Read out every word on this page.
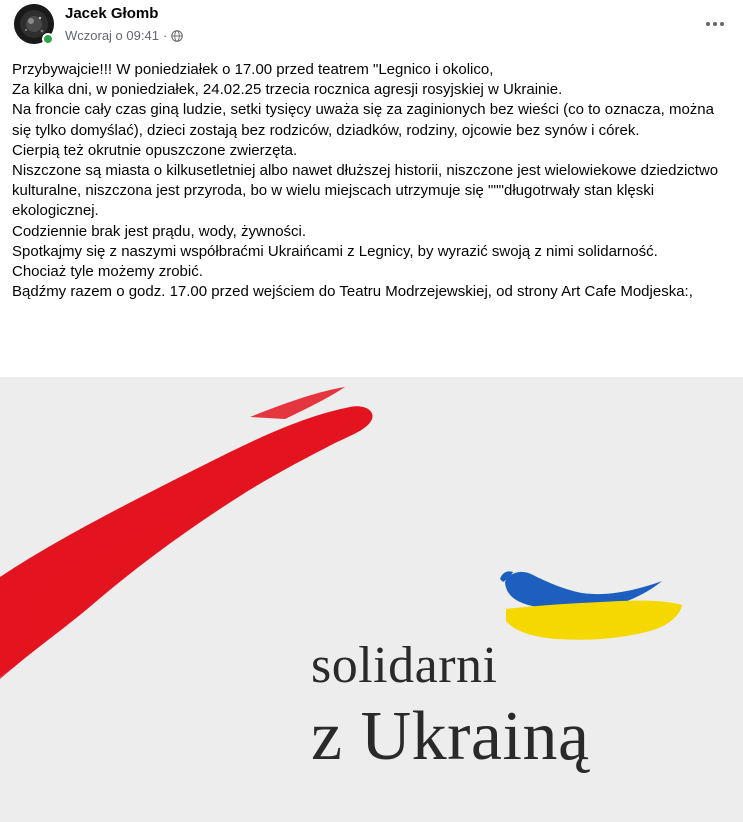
Jacek Głomb
Wczoraj o 09:41 ·

Przybywajcie!!! W poniedziałek o 17.00 przed teatrem "Legnico i okolico,

Za kilka dni, w poniedziałek, 24.02.25 trzecia rocznica agresji rosyjskiej w Ukrainie.

Na froncie cały czas giną ludzie, setki tysięcy uważa się za zaginionych bez wieści (co to oznacza, można się tylko domyślać), dzieci zostają bez rodziców, dziadków, rodziny, ojcowie bez synów i córek.

Cierpią też okrutnie opuszczone zwierzęta.

Niszczone są miasta o kilkusetletniej albo nawet dłuższej historii, niszczone jest wielowiekowe dziedzictwo kulturalne, niszczona jest przyroda, bo w wielu miejscach utrzymuje się """długotrwały stan klęski ekologicznej.

Codziennie brak jest prądu, wody, żywności.

Spotkajmy się z naszymi współbraćmi Ukraińcami z Legnicy, by wyrazić swoją z nimi solidarność.

Chociaż tyle możemy zrobić.

Bądźmy razem o godz. 17.00 przed wejściem do Teatru Modrzejewskiej, od strony Art Cafe Modjeska:,

solidarni
z Ukrainą
